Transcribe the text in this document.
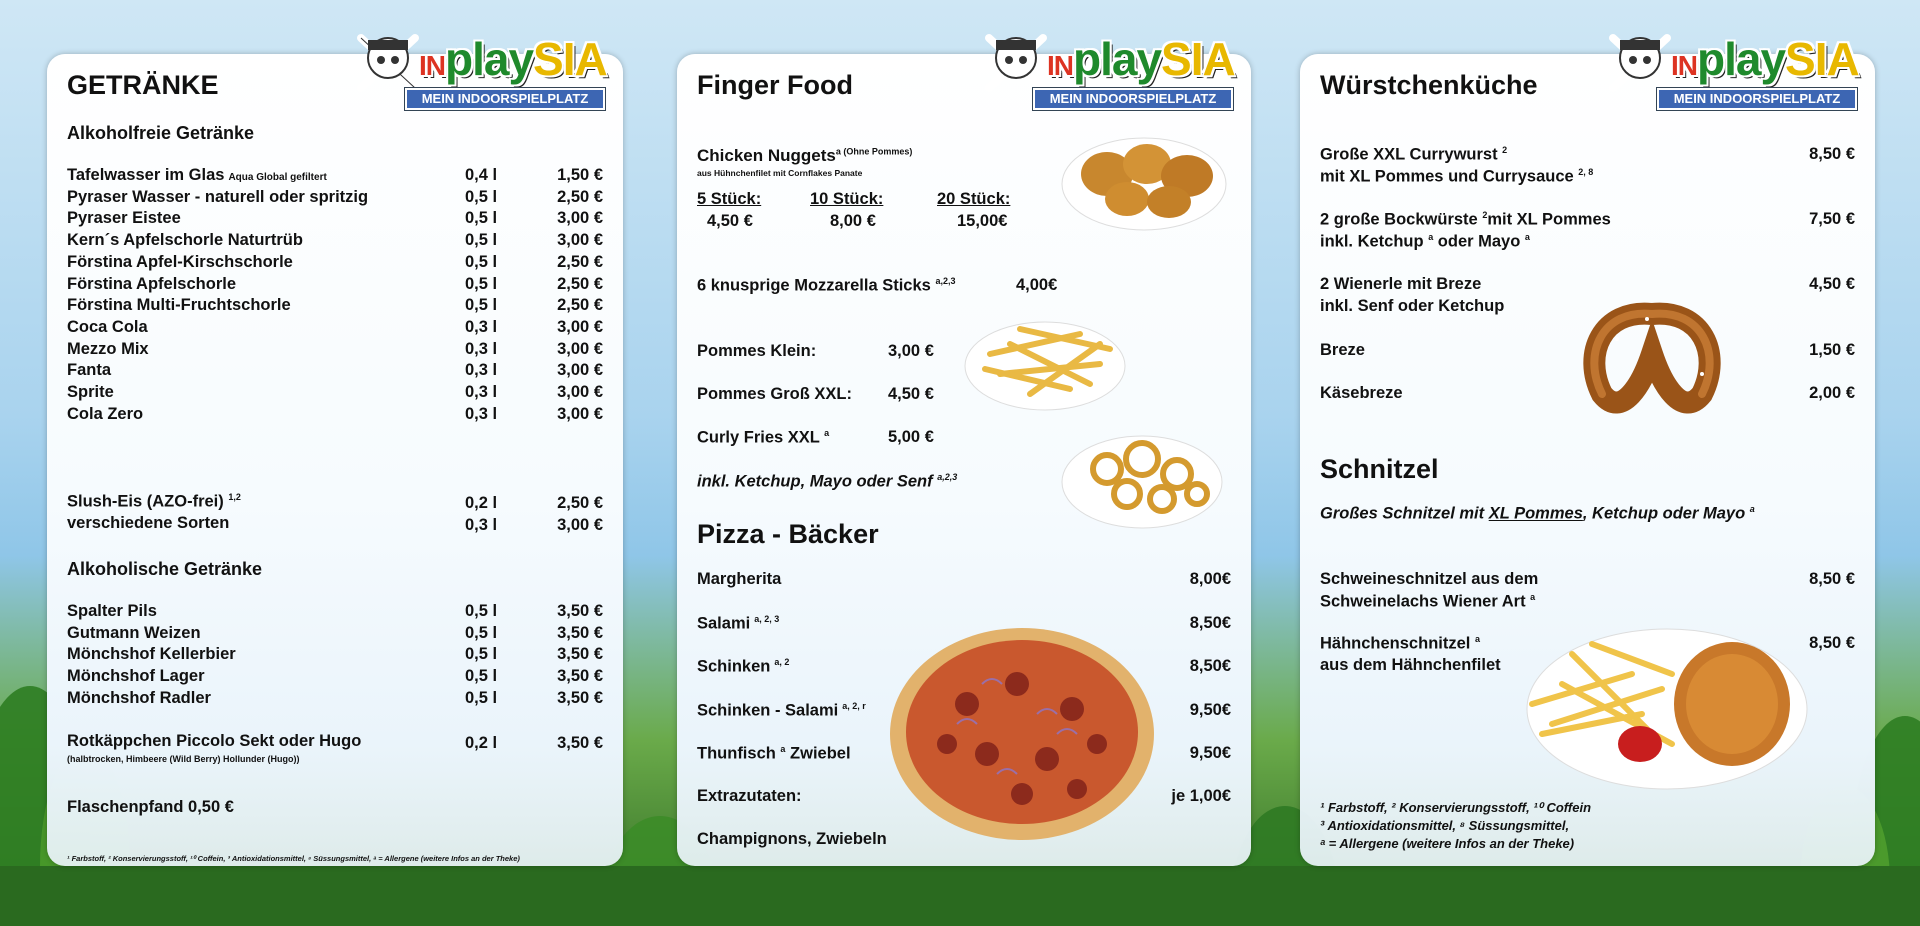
INplaySIA
MEIN INDOORSPIELPLATZ
GETRÄNKE
Alkoholfreie Getränke
Tafelwasser im Glas Aqua Global gefiltert	0,4 l	1,50 €
Pyraser Wasser - naturell oder spritzig	0,5 l	2,50 €
Pyraser Eistee	0,5 l	3,00 €
Kern´s Apfelschorle Naturtrüb	0,5 l	3,00 €
Förstina Apfel-Kirschschorle	0,5 l	2,50 €
Förstina Apfelschorle	0,5 l	2,50 €
Förstina Multi-Fruchtschorle	0,5 l	2,50 €
Coca Cola	0,3 l	3,00 €
Mezzo Mix	0,3 l	3,00 €
Fanta	0,3 l	3,00 €
Sprite	0,3 l	3,00 €
Cola Zero	0,3 l	3,00 €
Slush-Eis (AZO-frei) $^{1,2}$
verschiedene Sorten
0,2 l	2,50 €
0,3 l	3,00 €
Alkoholische Getränke
Spalter Pils	0,5 l	3,50 €
Gutmann Weizen	0,5 l	3,50 €
Mönchshof Kellerbier	0,5 l	3,50 €
Mönchshof Lager	0,5 l	3,50 €
Mönchshof Radler	0,5 l	3,50 €
Rotkäppchen Piccolo Sekt oder Hugo
(halbtrocken, Himbeere (Wild Berry) Hollunder (Hugo))
0,2 l	3,50 €
Flaschenpfand 0,50 €
¹ Farbstoff, ² Konservierungsstoff, ¹⁰ Coffein, ³ Antioxidationsmittel, ⁸ Süssungsmittel, ᵃ = Allergene (weitere Infos an der Theke)
INplaySIA
MEIN INDOORSPIELPLATZ
Finger Food
Chicken Nuggets$^{a (Ohne Pommes)}$
aus Hühnchenfilet mit Cornflakes Panate
5 Stück:
4,50 €
10 Stück:
8,00 €
20 Stück:
15,00€
6 knusprige Mozzarella Sticks $^{a,2,3}$	4,00€
Pommes Klein:	3,00 €
Pommes Groß XXL: 4,50 €
Curly Fries XXL $^a$	5,00 €
inkl. Ketchup, Mayo oder Senf $^{a,2,3}$
Pizza - Bäcker
Margherita	8,00€
Salami $^{a, 2, 3}$	8,50€
Schinken $^{a, 2}$	8,50€
Schinken - Salami $^{a, 2, r}$	9,50€
Thunfisch $^a$ Zwiebel	9,50€
Extrazutaten:	je 1,00€
Champignons, Zwiebeln
INplaySIA
MEIN INDOORSPIELPLATZ
Würstchenküche
Große XXL Currywurst $^2$
mit XL Pommes und Currysauce $^{2, 8}$
8,50 €
2 große Bockwürste $^2$mit XL Pommes
inkl. Ketchup $^a$ oder Mayo $^a$
7,50 €
2 Wienerle mit Breze
inkl. Senf oder Ketchup
4,50 €
Breze	1,50 €
Käsebreze	2,00 €
Schnitzel
Großes Schnitzel mit XL Pommes, Ketchup oder Mayo $^a$
Schweineschnitzel aus dem
Schweinelachs Wiener Art $^a$
8,50 €
Hähnchenschnitzel $^a$
aus dem Hähnchenfilet
8,50 €
¹ Farbstoff, ² Konservierungsstoff, ¹⁰ Coffein
³ Antioxidationsmittel, ⁸ Süssungsmittel,
ᵃ = Allergene (weitere Infos an der Theke)
